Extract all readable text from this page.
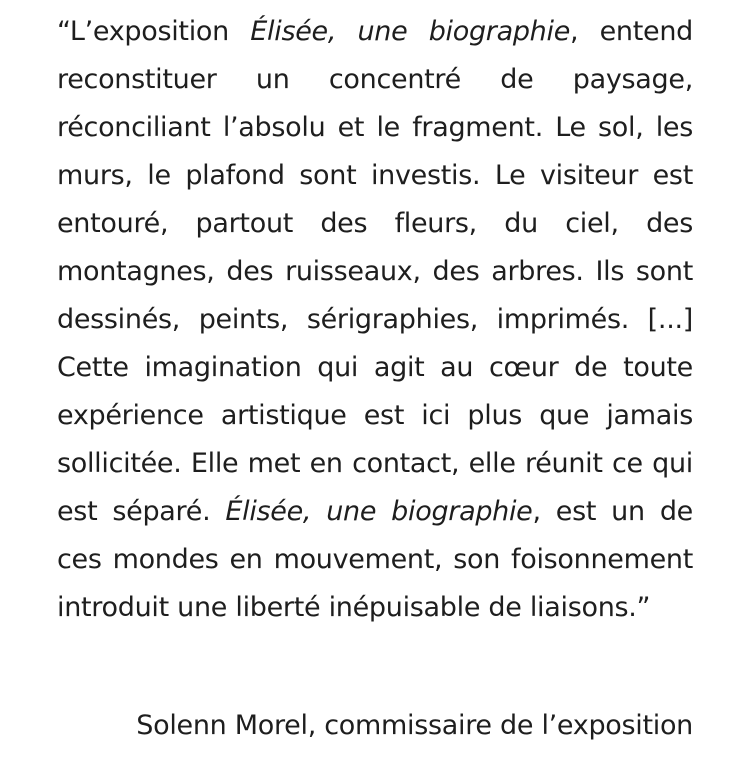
“L’exposition Élisée, une biographie, entend reconstituer un concentré de paysage, réconciliant l’absolu et le fragment. Le sol, les murs, le plafond sont investis. Le visiteur est entouré, partout des fleurs, du ciel, des montagnes, des ruisseaux, des arbres. Ils sont dessinés, peints, sérigraphies, imprimés. [...] Cette imagination qui agit au cœur de toute expérience artistique est ici plus que jamais sollicitée. Elle met en contact, elle réunit ce qui est séparé. Élisée, une biographie, est un de ces mondes en mouvement, son foisonnement introduit une liberté inépuisable de liaisons.”

Solenn Morel, commissaire de l’exposition
